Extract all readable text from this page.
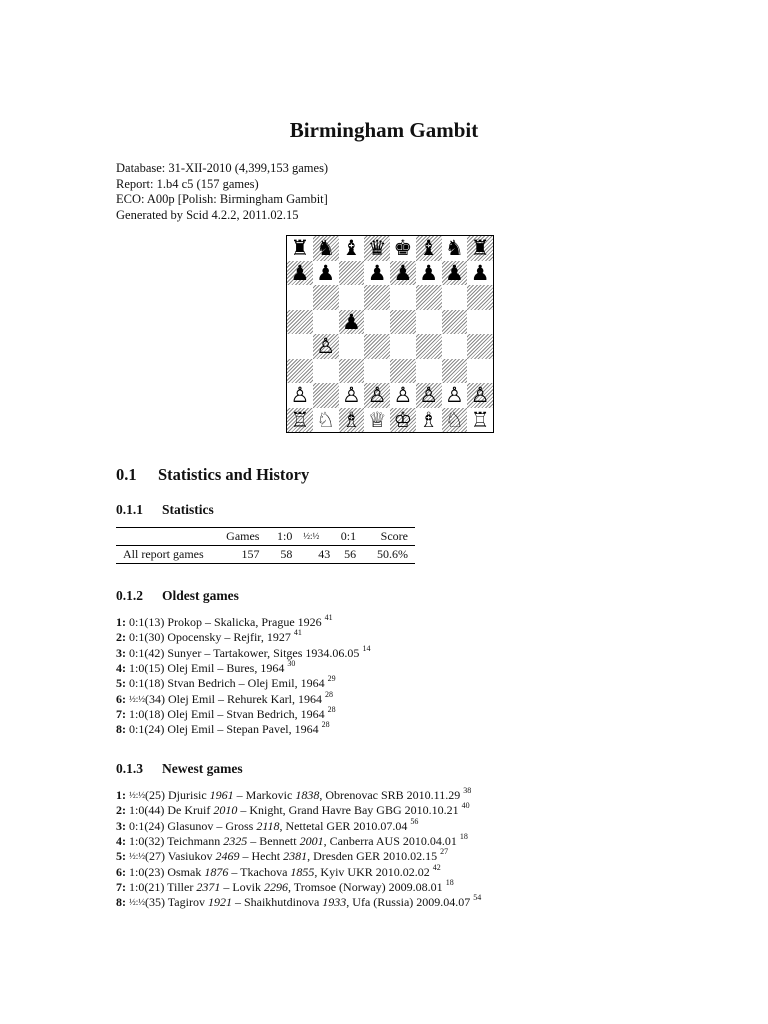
Birmingham Gambit
Database: 31-XII-2010 (4,399,153 games)
Report: 1.b4 c5 (157 games)
ECO: A00p [Polish: Birmingham Gambit]
Generated by Scid 4.2.2, 2011.02.15
♜ ♞ ♝ ♛ ♚ ♝ ♞ ♜
♟ ♟ ♟ ♟ ♟ ♟ ♟
♟
♙
♙ ♙ ♙ ♙ ♙ ♙ ♙
♖ ♘ ♗ ♕ ♔ ♗ ♘ ♖
0.1 Statistics and History
0.1.1 Statistics
	Games	1:0	½:½	0:1	Score
All report games	157	58	43	56	50.6%
0.1.2 Oldest games
1: 0:1(13) Prokop – Skalicka, Prague 1926 $^{41}$
2: 0:1(30) Opocensky – Rejfir, 1927 $^{41}$
3: 0:1(42) Sunyer – Tartakower, Sitges 1934.06.05 $^{14}$
4: 1:0(15) Olej Emil – Bures, 1964 $^{30}$
5: 0:1(18) Stvan Bedrich – Olej Emil, 1964 $^{29}$
6: ½:½(34) Olej Emil – Rehurek Karl, 1964 $^{28}$
7: 1:0(18) Olej Emil – Stvan Bedrich, 1964 $^{28}$
8: 0:1(24) Olej Emil – Stepan Pavel, 1964 $^{28}$
0.1.3 Newest games
1: ½:½(25) Djurisic 1961 – Markovic 1838, Obrenovac SRB 2010.11.29 $^{38}$
2: 1:0(44) De Kruif 2010 – Knight, Grand Havre Bay GBG 2010.10.21 $^{40}$
3: 0:1(24) Glasunov – Gross 2118, Nettetal GER 2010.07.04 $^{56}$
4: 1:0(32) Teichmann 2325 – Bennett 2001, Canberra AUS 2010.04.01 $^{18}$
5: ½:½(27) Vasiukov 2469 – Hecht 2381, Dresden GER 2010.02.15 $^{27}$
6: 1:0(23) Osmak 1876 – Tkachova 1855, Kyiv UKR 2010.02.02 $^{42}$
7: 1:0(21) Tiller 2371 – Lovik 2296, Tromsoe (Norway) 2009.08.01 $^{18}$
8: ½:½(35) Tagirov 1921 – Shaikhutdinova 1933, Ufa (Russia) 2009.04.07 $^{54}$
